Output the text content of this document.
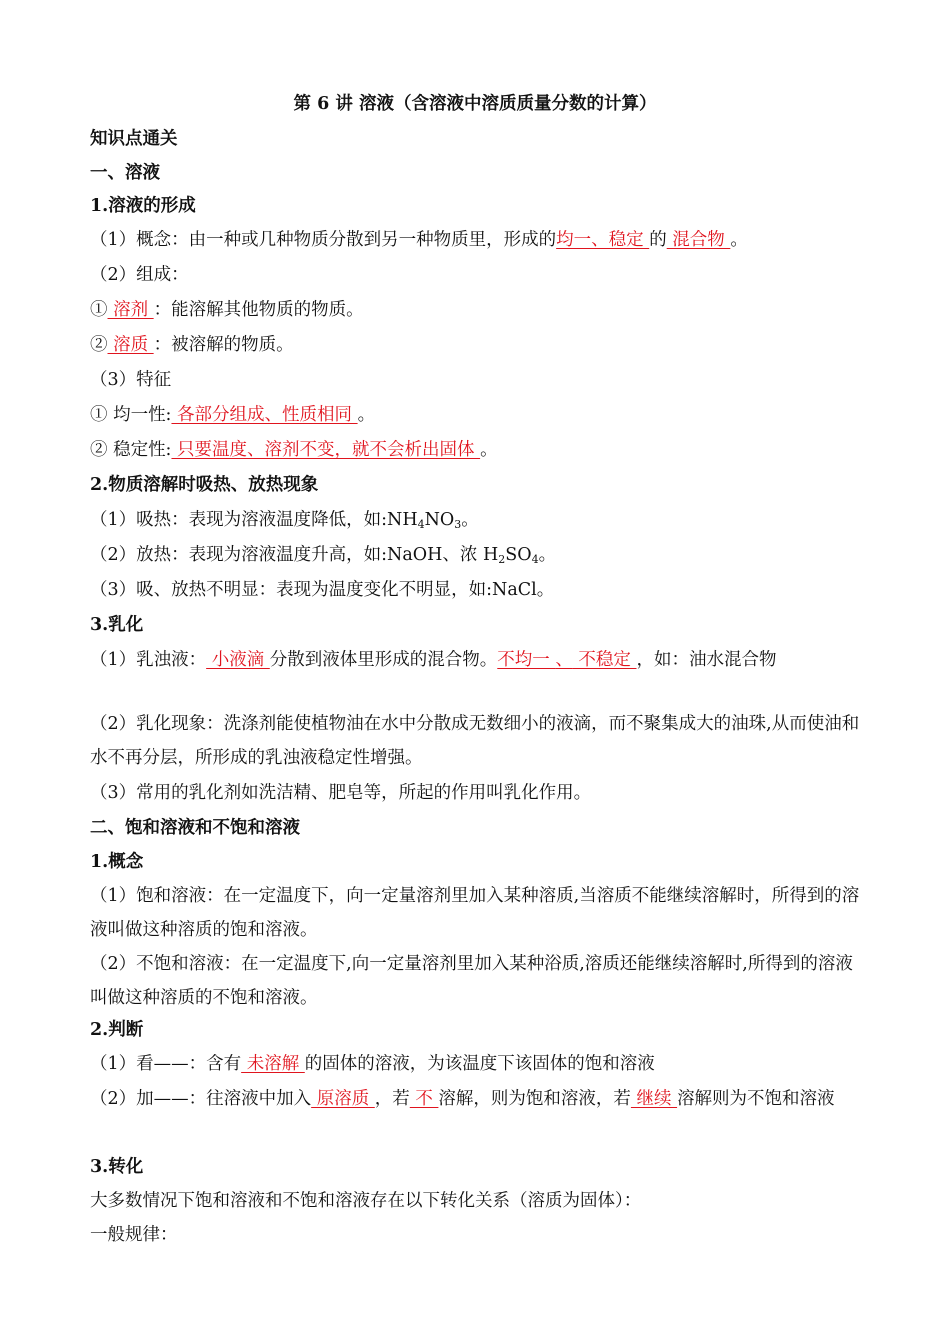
第 6 讲 溶液（含溶液中溶质质量分数的计算）
知识点通关
一、溶液
1.溶液的形成
（1）概念：由一种或几种物质分散到另一种物质里，形成的均一、稳定 的 混合物 。
（2）组成：
① 溶剂 ：能溶解其他物质的物质。
② 溶质 ：被溶解的物质。
（3）特征
① 均一性: 各部分组成、性质相同 。
② 稳定性: 只要温度、溶剂不变，就不会析出固体 。
2.物质溶解时吸热、放热现象
（1）吸热：表现为溶液温度降低，如$:NH_4NO_3$。
（2）放热：表现为溶液温度升高，如:NaOH、浓 $H_2SO_4$。
（3）吸、放热不明显：表现为温度变化不明显，如:NaCl。
3.乳化
（1）乳浊液： 小液滴 分散到液体里形成的混合物。不均一 、 不稳定 ，如：油水混合物
（2）乳化现象：洗涤剂能使植物油在水中分散成无数细小的液滴，而不聚集成大的油珠,从而使油和水不再分层，所形成的乳浊液稳定性增强。
（3）常用的乳化剂如洗洁精、肥皂等，所起的作用叫乳化作用。
二、饱和溶液和不饱和溶液
1.概念
（1）饱和溶液：在一定温度下，向一定量溶剂里加入某种溶质,当溶质不能继续溶解时，所得到的溶液叫做这种溶质的饱和溶液。
（2）不饱和溶液：在一定温度下,向一定量溶剂里加入某种浴质,溶质还能继续溶解时,所得到的溶液叫做这种溶质的不饱和溶液。
2.判断
（1）看——：含有 未溶解 的固体的溶液，为该温度下该固体的饱和溶液
（2）加——：往溶液中加入 原溶质 ，若 不 溶解，则为饱和溶液，若 继续 溶解则为不饱和溶液
3.转化
大多数情况下饱和溶液和不饱和溶液存在以下转化关系（溶质为固体）：
一般规律：
